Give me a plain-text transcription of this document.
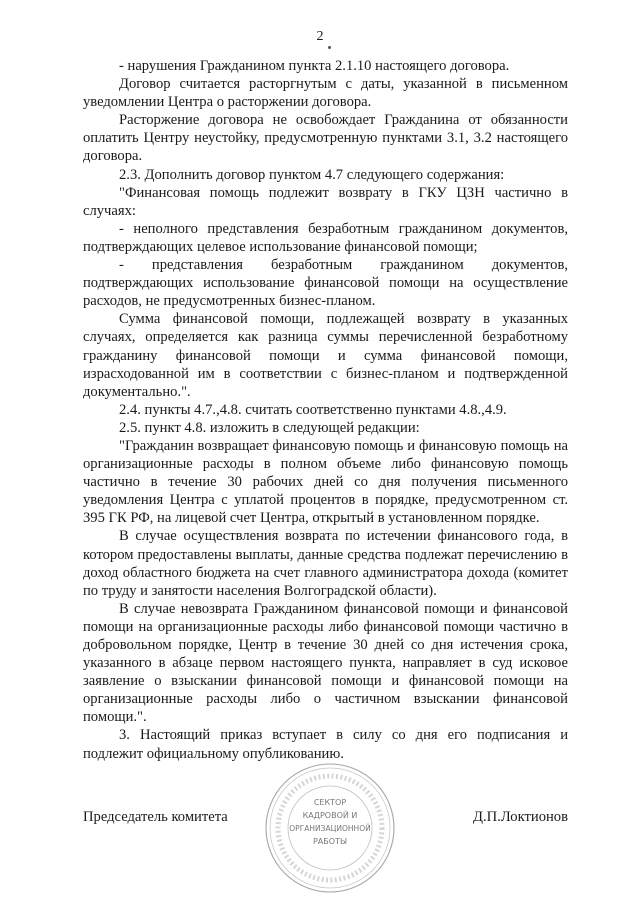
2

- нарушения Гражданином пункта 2.1.10 настоящего договора.

Договор считается расторгнутым с даты, указанной в письменном уведомлении Центра о расторжении договора.

Расторжение договора не освобождает Гражданина от обязанности оплатить Центру неустойку, предусмотренную пунктами 3.1, 3.2 настоящего договора.

2.3. Дополнить договор пунктом 4.7 следующего содержания:

"Финансовая помощь подлежит возврату в ГКУ ЦЗН частично в случаях:

- неполного представления безработным гражданином документов, подтверждающих целевое использование финансовой помощи;

- представления безработным гражданином документов, подтверждающих использование финансовой помощи на осуществление расходов, не предусмотренных бизнес-планом.

Сумма финансовой помощи, подлежащей возврату в указанных случаях, определяется как разница суммы перечисленной безработному гражданину финансовой помощи и сумма финансовой помощи, израсходованной им в соответствии с бизнес-планом и подтвержденной документально.".

2.4. пункты 4.7.,4.8. считать соответственно пунктами 4.8.,4.9.

2.5. пункт 4.8. изложить в следующей редакции:

"Гражданин возвращает финансовую помощь и финансовую помощь на организационные расходы в полном объеме либо финансовую помощь частично в течение 30 рабочих дней со дня получения письменного уведомления Центра с уплатой процентов в порядке, предусмотренном ст. 395 ГК РФ, на лицевой счет Центра, открытый в установленном порядке.

В случае осуществления возврата по истечении финансового года, в котором предоставлены выплаты, данные средства подлежат перечислению в доход областного бюджета на счет главного администратора дохода (комитет по труду и занятости населения Волгоградской области).

В случае невозврата Гражданином финансовой помощи и финансовой помощи на организационные расходы либо финансовой помощи частично в добровольном порядке, Центр в течение 30 дней со дня истечения срока, указанного в абзаце первом настоящего пункта, направляет в суд исковое заявление о взыскании финансовой помощи и финансовой помощи на организационные расходы либо о частичном взыскании финансовой помощи.".

3. Настоящий приказ вступает в силу со дня его подписания и подлежит официальному опубликованию.

Председатель комитета	Д.П.Локтионов
СЕКТОР
КАДРОВОЙ И
ОРГАНИЗАЦИОННОЙ
РАБОТЫ
